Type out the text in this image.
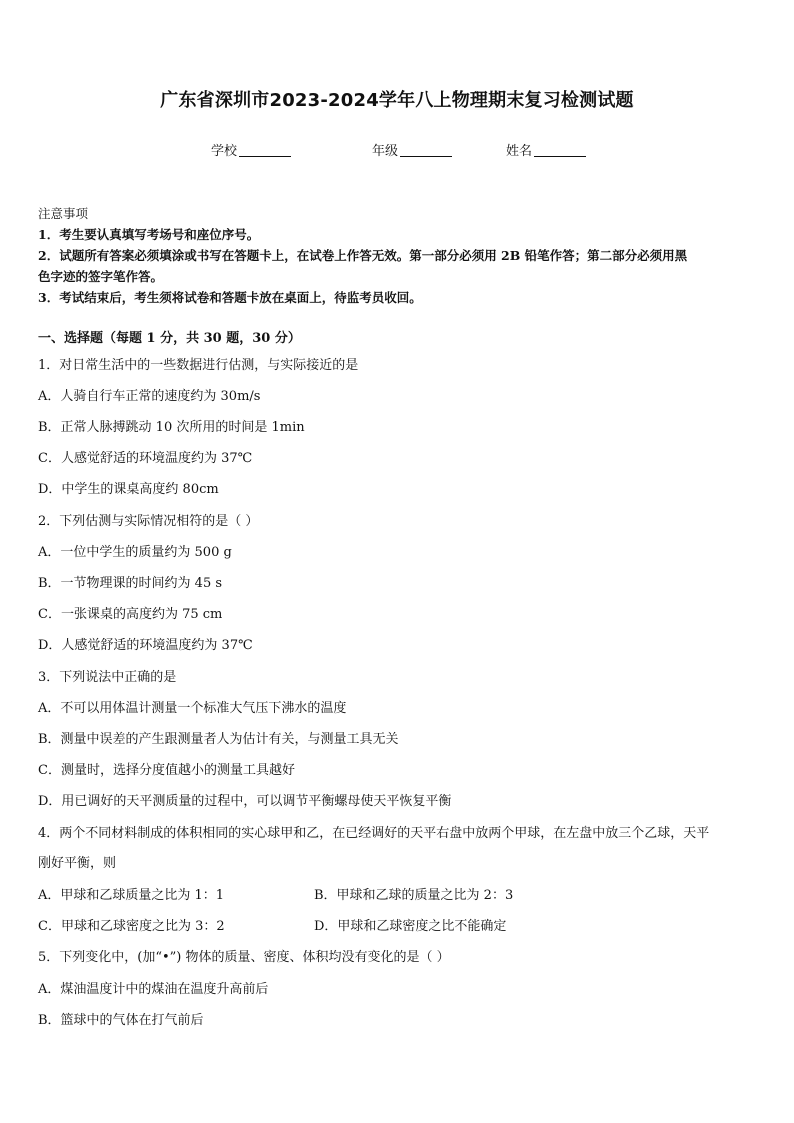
广东省深圳市2023-2024学年八上物理期末复习检测试题
学校	年级	姓名
注意事项
1．考生要认真填写考场号和座位序号。
2．试题所有答案必须填涂或书写在答题卡上，在试卷上作答无效。第一部分必须用 2B 铅笔作答；第二部分必须用黑
色字迹的签字笔作答。
3．考试结束后，考生须将试卷和答题卡放在桌面上，待监考员收回。
一、选择题（每题 1 分，共 30 题，30 分）
1．对日常生活中的一些数据进行估测，与实际接近的是
A．人骑自行车正常的速度约为 30m/s
B．正常人脉搏跳动 10 次所用的时间是 1min
C．人感觉舒适的环境温度约为 37℃
D．中学生的课桌高度约 80cm
2．下列估测与实际情况相符的是（ ）
A．一位中学生的质量约为 500 g
B．一节物理课的时间约为 45 s
C．一张课桌的高度约为 75 cm
D．人感觉舒适的环境温度约为 37℃
3．下列说法中正确的是
A．不可以用体温计测量一个标准大气压下沸水的温度
B．测量中误差的产生跟测量者人为估计有关，与测量工具无关
C．测量时，选择分度值越小的测量工具越好
D．用已调好的天平测质量的过程中，可以调节平衡螺母使天平恢复平衡
4．两个不同材料制成的体积相同的实心球甲和乙，在已经调好的天平右盘中放两个甲球，在左盘中放三个乙球，天平
刚好平衡，则
A．甲球和乙球质量之比为 1：1	B．甲球和乙球的质量之比为 2：3
C．甲球和乙球密度之比为 3：2	D．甲球和乙球密度之比不能确定
5．下列变化中，(加“•”) 物体的质量、密度、体积均没有变化的是（ ）
A．煤油温度计中的煤油在温度升高前后
B．篮球中的气体在打气前后
